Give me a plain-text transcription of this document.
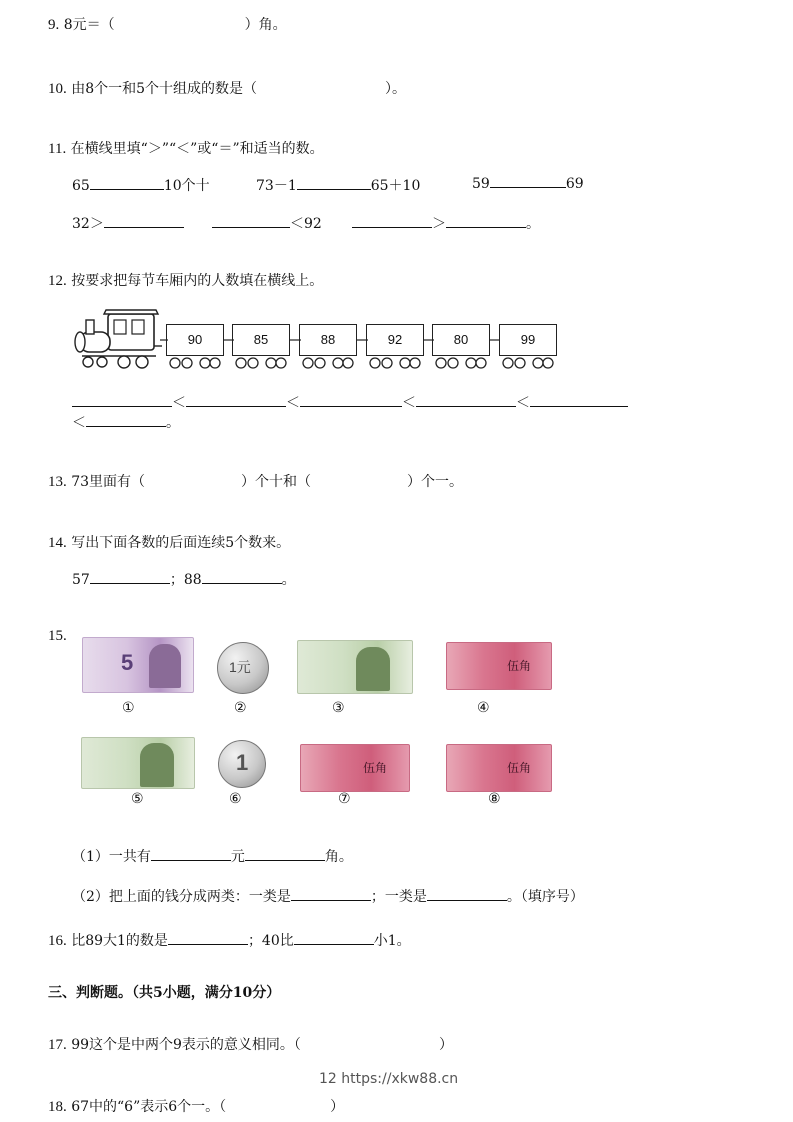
9. 8元＝（	）角。
10. 由8个一和5个十组成的数是（	）。
11. 在横线里填“＞”“＜”或“＝”和适当的数。
65	10个十	73－1	65＋10	59	69
32＞	＜92	＞	。
12. 按要求把每节车厢内的人数填在横线上。
90	85	88	92	80	99
＜	＜	＜	＜
＜	。
13. 73里面有（	）个十和（	）个一。
14. 写出下面各数的后面连续5个数来。
57	；88	。
15.
5	1元	伍角
①	②	③	④
1	伍角	伍角
⑤	⑥	⑦	⑧
（1）一共有	元	角。
（2）把上面的钱分成两类：一类是	；一类是	。（填序号）
16. 比89大1的数是	；40比	小1。
三、判断题。（共5小题，满分10分）
17. 99这个是中两个9表示的意义相同。（	）
12 https://xkw88.cn
18. 67中的“6”表示6个一。（	）
